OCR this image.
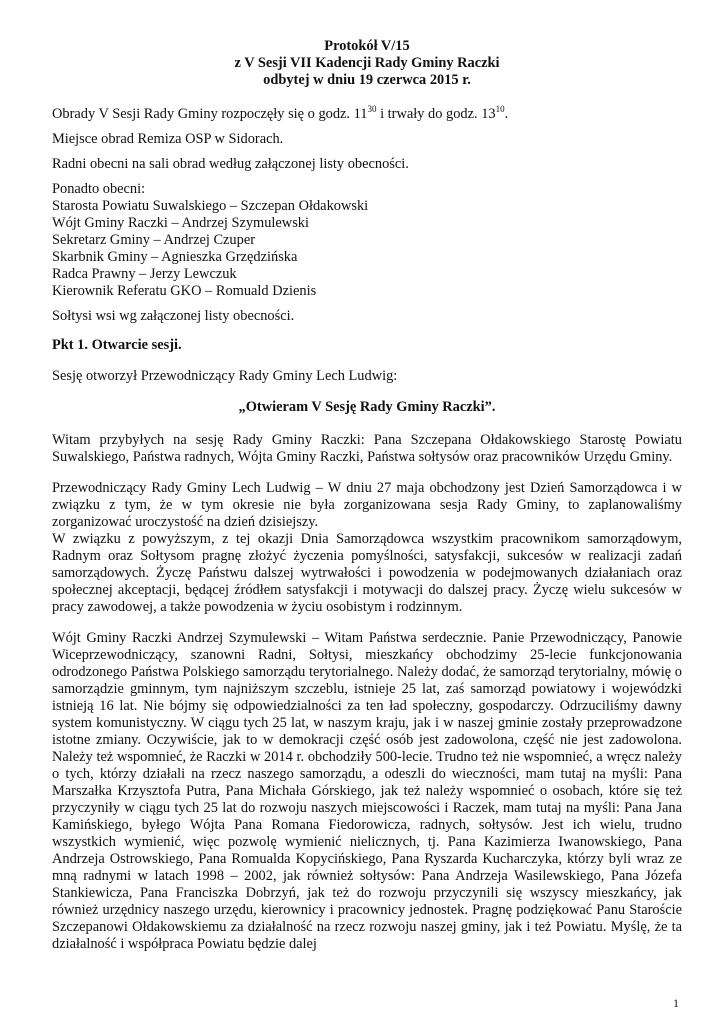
Protokół V/15
z V Sesji VII Kadencji Rady Gminy Raczki
odbytej w dniu 19 czerwca 2015 r.

Obrady V Sesji Rady Gminy rozpoczęły się o godz. $11^{30}$ i trwały do godz. $13^{10}$.

Miejsce obrad Remiza OSP w Sidorach.

Radni obecni na sali obrad według załączonej listy obecności.

Ponadto obecni:
Starosta Powiatu Suwalskiego – Szczepan Ołdakowski
Wójt Gminy Raczki – Andrzej Szymulewski
Sekretarz Gminy – Andrzej Czuper
Skarbnik Gminy – Agnieszka Grzędzińska
Radca Prawny – Jerzy Lewczuk
Kierownik Referatu GKO – Romuald Dzienis

Sołtysi wsi wg załączonej listy obecności.

Pkt 1. Otwarcie sesji.

Sesję otworzył Przewodniczący Rady Gminy Lech Ludwig:

„Otwieram V Sesję Rady Gminy Raczki”.

Witam przybyłych na sesję Rady Gminy Raczki: Pana Szczepana Ołdakowskiego Starostę Powiatu Suwalskiego, Państwa radnych, Wójta Gminy Raczki, Państwa sołtysów oraz pracowników Urzędu Gminy.

Przewodniczący Rady Gminy Lech Ludwig – W dniu 27 maja obchodzony jest Dzień Samorządowca i w związku z tym, że w tym okresie nie była zorganizowana sesja Rady Gminy, to zaplanowaliśmy zorganizować uroczystość na dzień dzisiejszy.

W związku z powyższym, z tej okazji Dnia Samorządowca wszystkim pracownikom samorządowym, Radnym oraz Sołtysom pragnę złożyć życzenia pomyślności, satysfakcji, sukcesów w realizacji zadań samorządowych. Życzę Państwu dalszej wytrwałości i powodzenia w podejmowanych działaniach oraz społecznej akceptacji, będącej źródłem satysfakcji i motywacji do dalszej pracy. Życzę wielu sukcesów w pracy zawodowej, a także powodzenia w życiu osobistym i rodzinnym.

Wójt Gminy Raczki Andrzej Szymulewski – Witam Państwa serdecznie. Panie Przewodniczący, Panowie Wiceprzewodniczący, szanowni Radni, Sołtysi, mieszkańcy obchodzimy 25-lecie funkcjonowania odrodzonego Państwa Polskiego samorządu terytorialnego. Należy dodać, że samorząd terytorialny, mówię o samorządzie gminnym, tym najniższym szczeblu, istnieje 25 lat, zaś samorząd powiatowy i wojewódzki istnieją 16 lat. Nie bójmy się odpowiedzialności za ten ład społeczny, gospodarczy. Odrzuciliśmy dawny system komunistyczny. W ciągu tych 25 lat, w naszym kraju, jak i w naszej gminie zostały przeprowadzone istotne zmiany. Oczywiście, jak to w demokracji część osób jest zadowolona, część nie jest zadowolona. Należy też wspomnieć, że Raczki w 2014 r. obchodziły 500-lecie. Trudno też nie wspomnieć, a wręcz należy o tych, którzy działali na rzecz naszego samorządu, a odeszli do wieczności, mam tutaj na myśli: Pana Marszałka Krzysztofa Putra, Pana Michała Górskiego, jak też należy wspomnieć o osobach, które się też przyczyniły w ciągu tych 25 lat do rozwoju naszych miejscowości i Raczek, mam tutaj na myśli: Pana Jana Kamińskiego, byłego Wójta Pana Romana Fiedorowicza, radnych, sołtysów. Jest ich wielu, trudno wszystkich wymienić, więc pozwolę wymienić nielicznych, tj. Pana Kazimierza Iwanowskiego, Pana Andrzeja Ostrowskiego, Pana Romualda Kopycińskiego, Pana Ryszarda Kucharczyka, którzy byli wraz ze mną radnymi w latach 1998 – 2002, jak również sołtysów: Pana Andrzeja Wasilewskiego, Pana Józefa Stankiewicza, Pana Franciszka Dobrzyń, jak też do rozwoju przyczynili się wszyscy mieszkańcy, jak również urzędnicy naszego urzędu, kierownicy i pracownicy jednostek. Pragnę podziękować Panu Staroście Szczepanowi Ołdakowskiemu za działalność na rzecz rozwoju naszej gminy, jak i też Powiatu. Myślę, że ta działalność i współpraca Powiatu będzie dalej

1
